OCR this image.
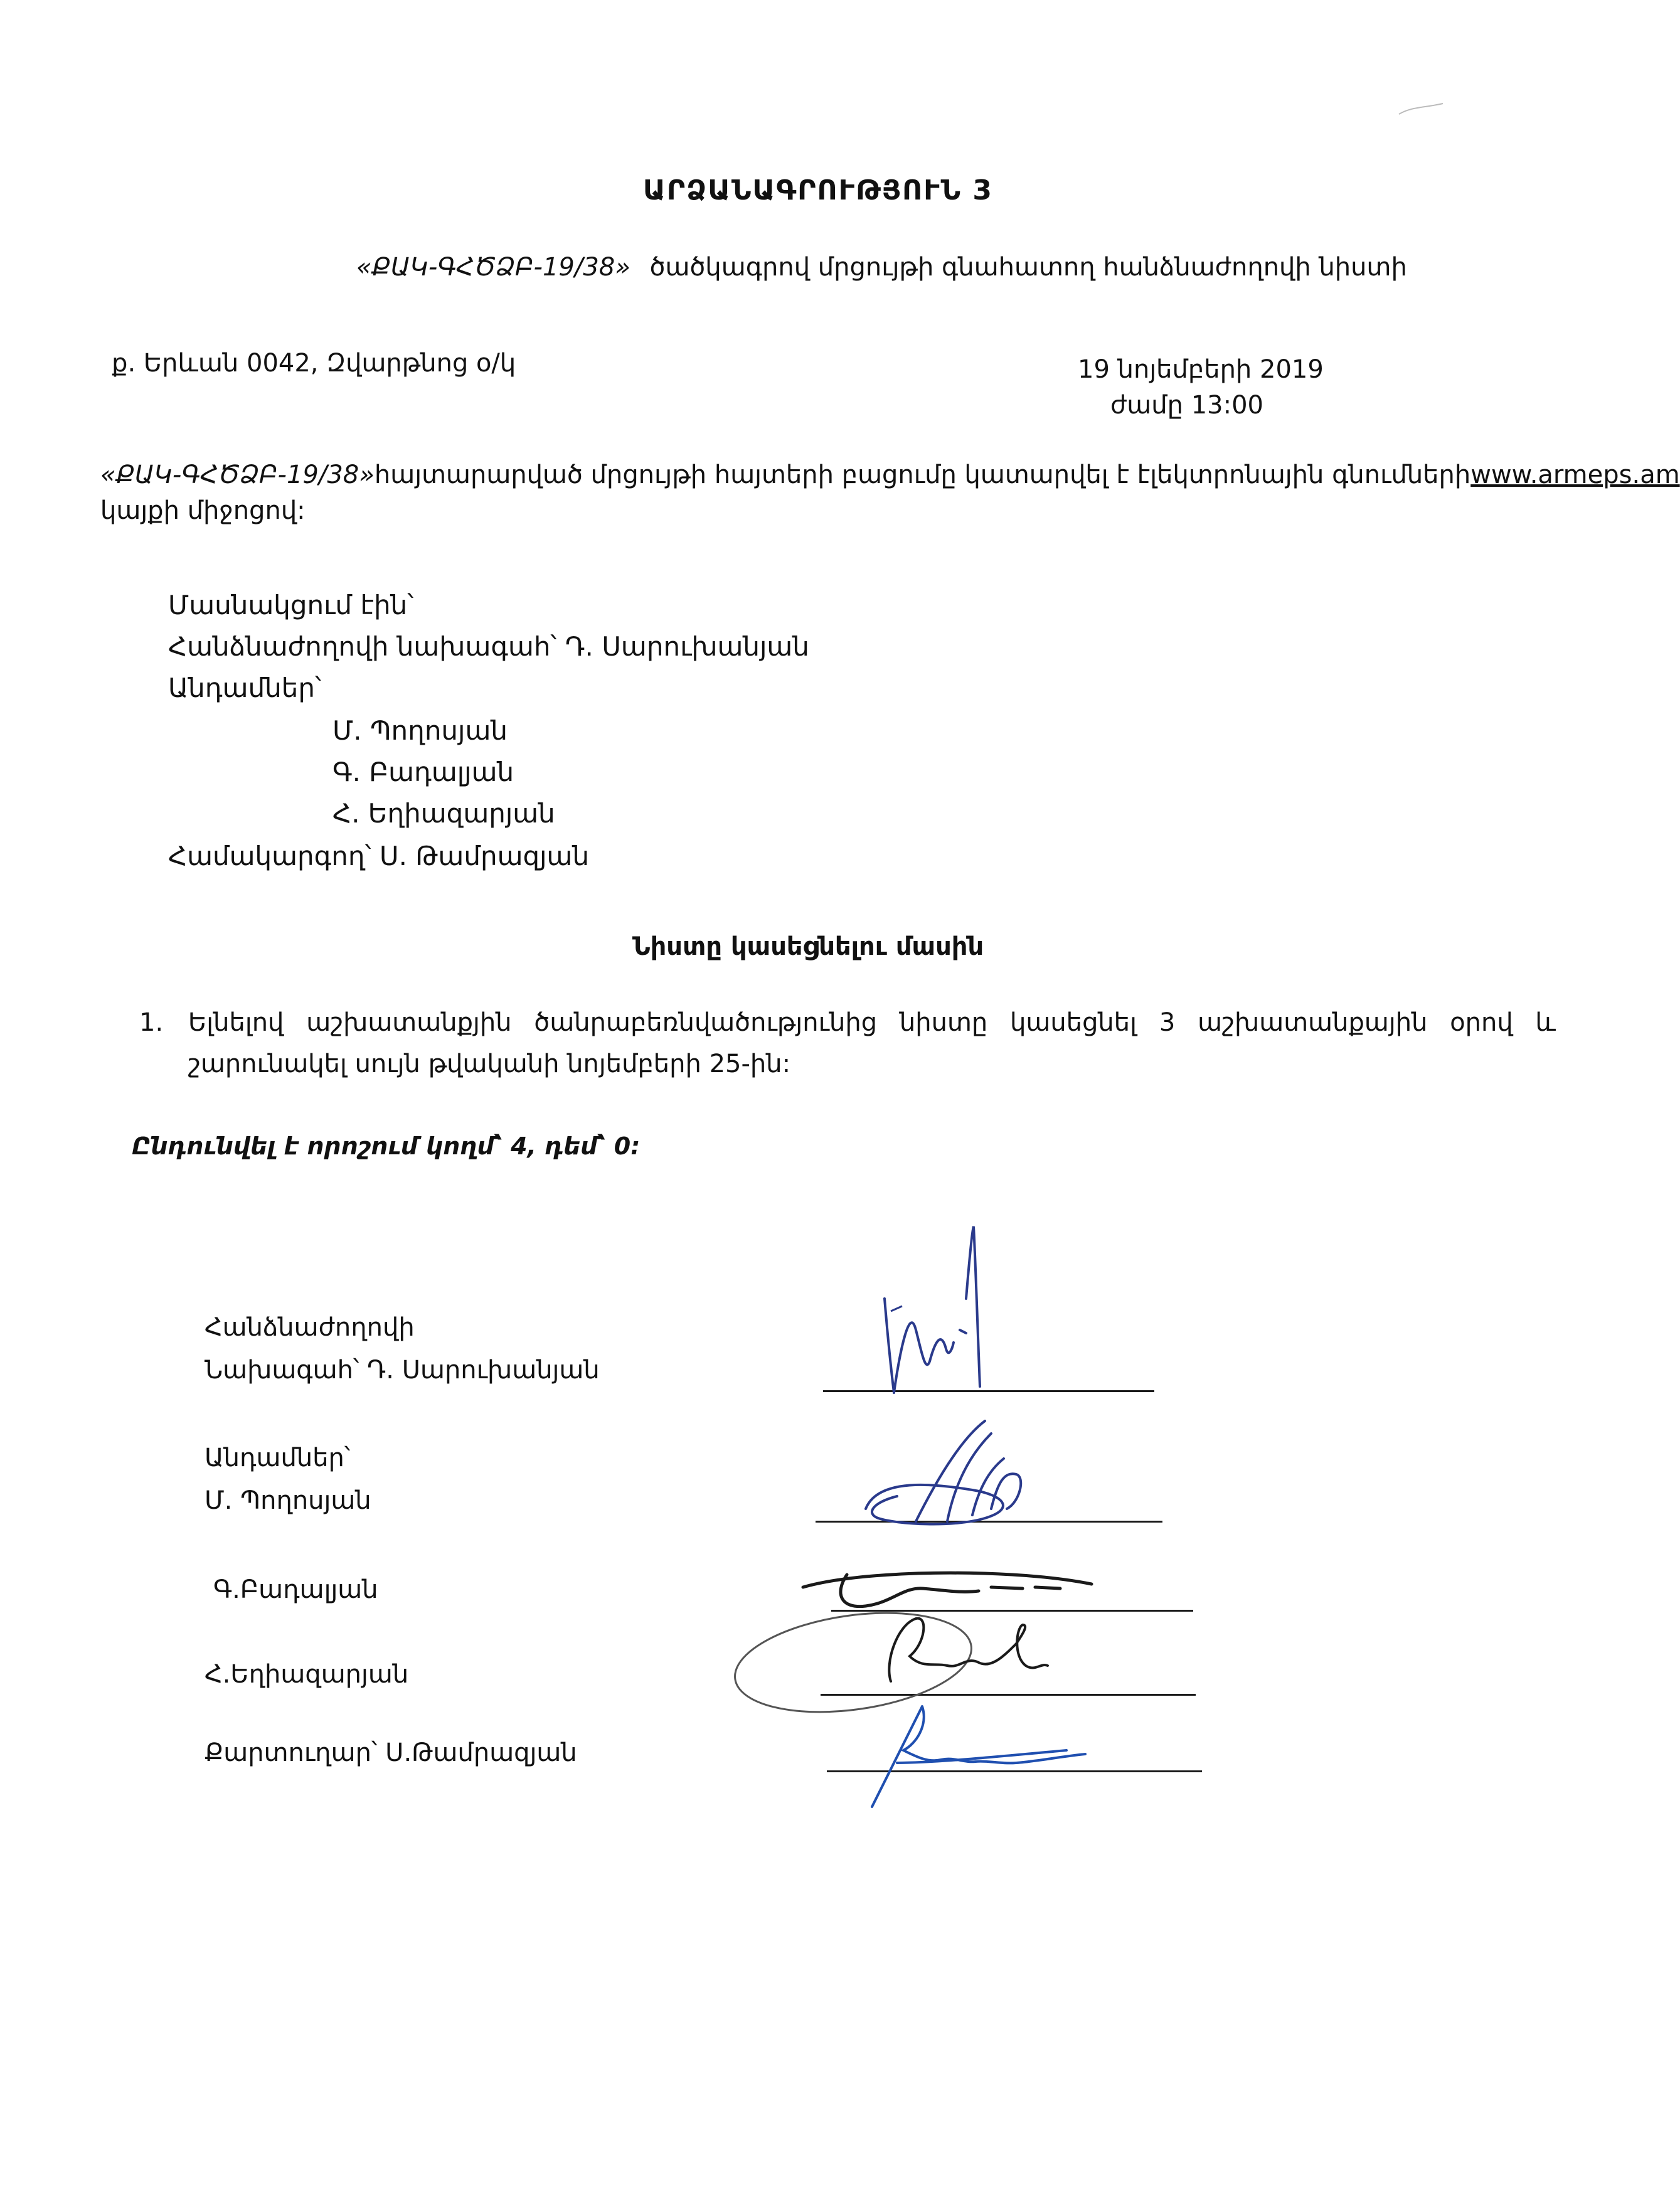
ԱՐՁԱՆԱԳՐՈՒԹՅՈՒՆ 3
«ՔԱԿ-ԳՀԾՁԲ-19/38» ծածկագրով մրցույթի գնահատող հանձնաժողովի նիստի
ք. Երևան 0042, Զվարթնոց օ/կ	19 նոյեմբերի 2019
ժամը 13:00
«ՔԱԿ-ԳՀԾՁԲ-19/38» հայտարարված մրցույթի հայտերի բացումը կատարվել է էլեկտրոնային գնումների www.armeps.am
կայքի միջոցով:
Մասնակցում էին՝
Հանձնաժողովի նախագահ՝ Դ. Սարուխանյան
Անդամներ՝
Մ. Պողոսյան
Գ. Բադալյան
Հ. Եղիազարյան
Համակարգող՝ Ս. Թամրազյան
Նիստը կասեցնելու մասին
1. Ելնելով աշխատանքյին ծանրաբեռնվածությունից նիստը կասեցնել 3 աշխատանքային օրով և
շարունակել սույն թվականի նոյեմբերի 25-ին:
Ընդունվել է որոշում կողմ՝ 4, դեմ՝ 0:
Հանձնաժողովի
Նախագահ՝ Դ. Սարուխանյան
Անդամներ՝
Մ. Պողոսյան
Գ.Բադալյան
Հ.Եղիազարյան
Քարտուղար՝ Ս.Թամրազյան
